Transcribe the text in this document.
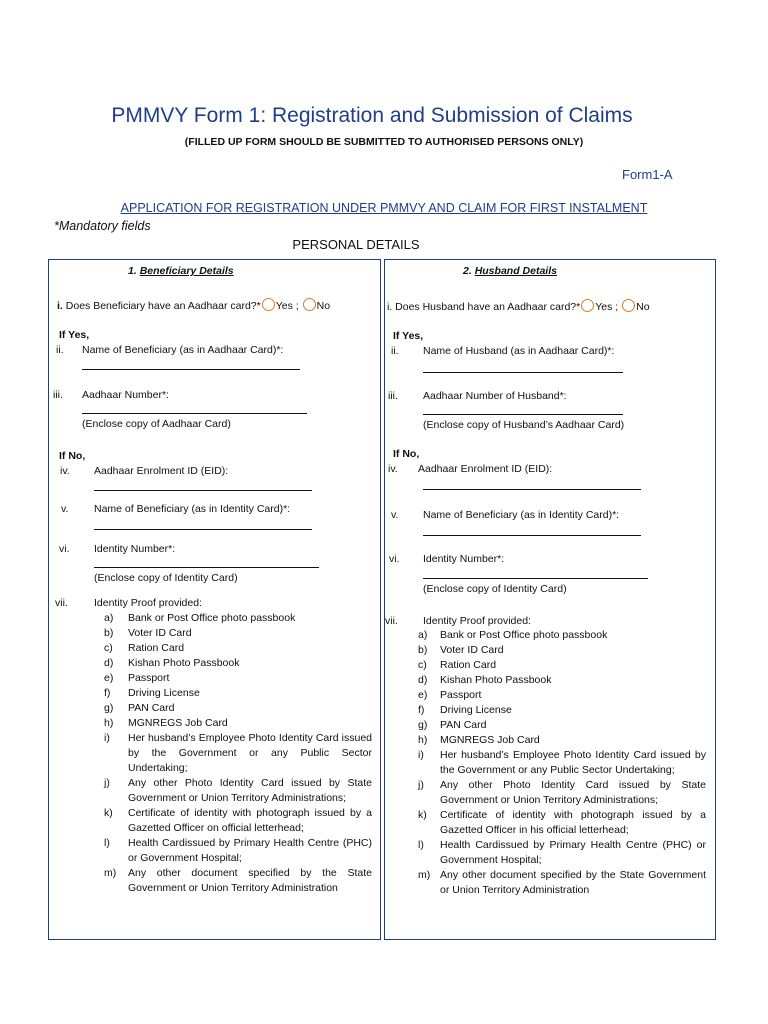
PMMVY Form 1: Registration and Submission of Claims
(FILLED UP FORM SHOULD BE SUBMITTED TO AUTHORISED PERSONS ONLY)
Form1-A
APPLICATION FOR REGISTRATION UNDER PMMVY AND CLAIM FOR FIRST INSTALMENT
*Mandatory fields
PERSONAL DETAILS
1. Beneficiary Details
i. Does Beneficiary have an Aadhaar card?* Yes ; No
If Yes,
ii. Name of Beneficiary (as in Aadhaar Card)*:
iii. Aadhaar Number*:
(Enclose copy of Aadhaar Card)
If No,
iv. Aadhaar Enrolment ID (EID):
v. Name of Beneficiary (as in Identity Card)*:
vi. Identity Number*:
(Enclose copy of Identity Card)
vii. Identity Proof provided:
a)	Bank or Post Office photo passbook
b)	Voter ID Card
c)	Ration Card
d)	Kishan Photo Passbook
e)	Passport
f)	Driving License
g)	PAN Card
h)	MGNREGS Job Card
i)	Her husband’s Employee Photo Identity Card issued by the Government or any Public Sector Undertaking;
j)	Any other Photo Identity Card issued by State Government or Union Territory Administrations;
k)	Certificate of identity with photograph issued by a Gazetted Officer on official letterhead;
l)	Health Cardissued by Primary Health Centre (PHC) or Government Hospital;
m)	Any other document specified by the State Government or Union Territory Administration
2. Husband Details
i. Does Husband have an Aadhaar card?* Yes ; No
If Yes,
ii. Name of Husband (as in Aadhaar Card)*:
iii. Aadhaar Number of Husband*:
(Enclose copy of Husband’s Aadhaar Card)
If No,
iv. Aadhaar Enrolment ID (EID):
v. Name of Beneficiary (as in Identity Card)*:
vi. Identity Number*:
(Enclose copy of Identity Card)
vii. Identity Proof provided:
a)	Bank or Post Office photo passbook
b)	Voter ID Card
c)	Ration Card
d)	Kishan Photo Passbook
e)	Passport
f)	Driving License
g)	PAN Card
h)	MGNREGS Job Card
i)	Her husband’s Employee Photo Identity Card issued by the Government or any Public Sector Undertaking;
j)	Any other Photo Identity Card issued by State Government or Union Territory Administrations;
k)	Certificate of identity with photograph issued by a Gazetted Officer in his official letterhead;
l)	Health Cardissued by Primary Health Centre (PHC) or Government Hospital;
m) Any other document specified by the State Government or Union Territory Administration
